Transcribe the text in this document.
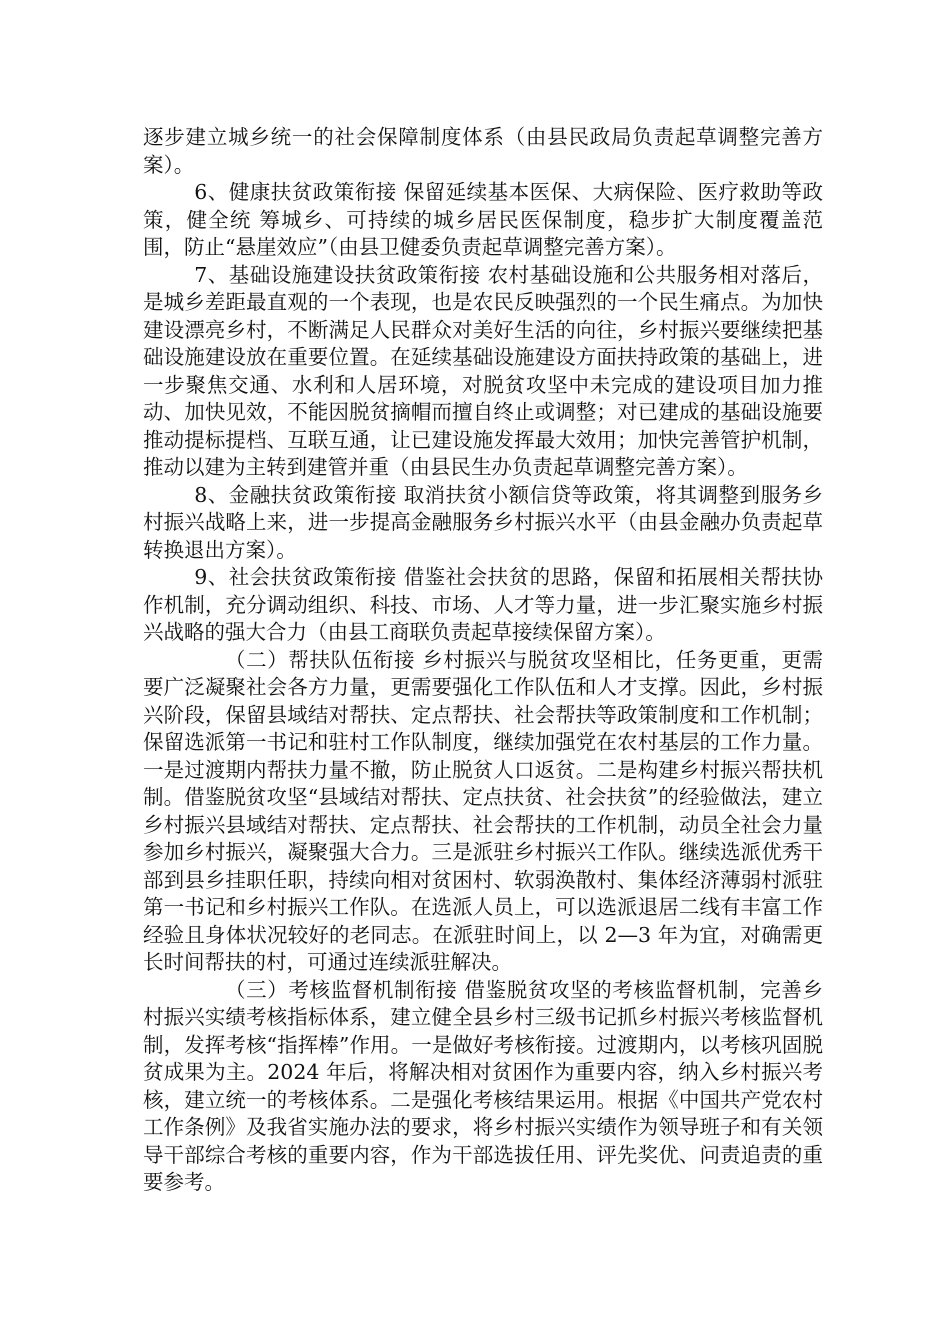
逐步建立城乡统一的社会保障制度体系（由县民政局负责起草调整完善方案）。

6、健康扶贫政策衔接 保留延续基本医保、大病保险、医疗救助等政策，健全统 筹城乡、可持续的城乡居民医保制度，稳步扩大制度覆盖范围，防止“悬崖效应”（由县卫健委负责起草调整完善方案）。

7、基础设施建设扶贫政策衔接 农村基础设施和公共服务相对落后，是城乡差距最直观的一个表现，也是农民反映强烈的一个民生痛点。为加快建设漂亮乡村，不断满足人民群众对美好生活的向往，乡村振兴要继续把基础设施建设放在重要位置。在延续基础设施建设方面扶持政策的基础上，进一步聚焦交通、水利和人居环境，对脱贫攻坚中未完成的建设项目加力推动、加快见效，不能因脱贫摘帽而擅自终止或调整；对已建成的基础设施要推动提标提档、互联互通，让已建设施发挥最大效用；加快完善管护机制，推动以建为主转到建管并重（由县民生办负责起草调整完善方案）。

8、金融扶贫政策衔接 取消扶贫小额信贷等政策，将其调整到服务乡村振兴战略上来，进一步提高金融服务乡村振兴水平（由县金融办负责起草转换退出方案）。

9、社会扶贫政策衔接 借鉴社会扶贫的思路，保留和拓展相关帮扶协作机制，充分调动组织、科技、市场、人才等力量，进一步汇聚实施乡村振兴战略的强大合力（由县工商联负责起草接续保留方案）。

（二）帮扶队伍衔接 乡村振兴与脱贫攻坚相比，任务更重，更需要广泛凝聚社会各方力量，更需要强化工作队伍和人才支撑。因此，乡村振兴阶段，保留县域结对帮扶、定点帮扶、社会帮扶等政策制度和工作机制；保留选派第一书记和驻村工作队制度，继续加强党在农村基层的工作力量。一是过渡期内帮扶力量不撤，防止脱贫人口返贫。二是构建乡村振兴帮扶机制。借鉴脱贫攻坚“县域结对帮扶、定点扶贫、社会扶贫”的经验做法，建立乡村振兴县域结对帮扶、定点帮扶、社会帮扶的工作机制，动员全社会力量参加乡村振兴，凝聚强大合力。三是派驻乡村振兴工作队。继续选派优秀干部到县乡挂职任职，持续向相对贫困村、软弱涣散村、集体经济薄弱村派驻第一书记和乡村振兴工作队。在选派人员上，可以选派退居二线有丰富工作经验且身体状况较好的老同志。在派驻时间上，以 2—3 年为宜，对确需更长时间帮扶的村，可通过连续派驻解决。

（三）考核监督机制衔接 借鉴脱贫攻坚的考核监督机制，完善乡村振兴实绩考核指标体系，建立健全县乡村三级书记抓乡村振兴考核监督机制，发挥考核“指挥棒”作用。一是做好考核衔接。过渡期内，以考核巩固脱贫成果为主。2024 年后，将解决相对贫困作为重要内容，纳入乡村振兴考核，建立统一的考核体系。二是强化考核结果运用。根据《中国共产党农村工作条例》及我省实施办法的要求，将乡村振兴实绩作为领导班子和有关领导干部综合考核的重要内容，作为干部选拔任用、评先奖优、问责追责的重要参考。
